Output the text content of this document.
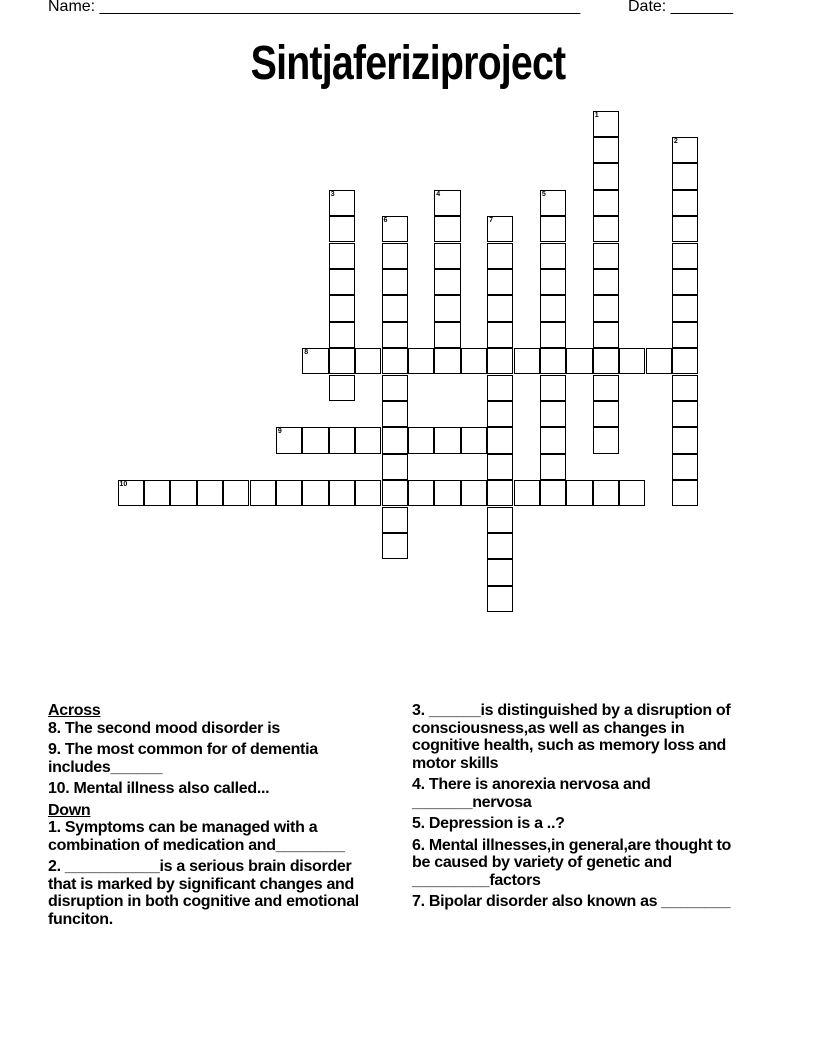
Name: ______________________________________________________	Date: _______
Sintjaferiziproject
1
2
3	4	5
6	7
8
9
10

Across

8. The second mood disorder is

9. The most common for of dementia includes______

10. Mental illness also called...

Down

1. Symptoms can be managed with a combination of medication and________

2. ___________is a serious brain disorder that is marked by significant changes and disruption in both cognitive and emotional funciton.

3. ______is distinguished by a disruption of consciousness,as well as changes in cognitive health, such as memory loss and motor skills

4. There is anorexia nervosa and _______nervosa

5. Depression is a ..?

6. Mental illnesses,in general,are thought to be caused by variety of genetic and _________factors

7. Bipolar disorder also known as ________
